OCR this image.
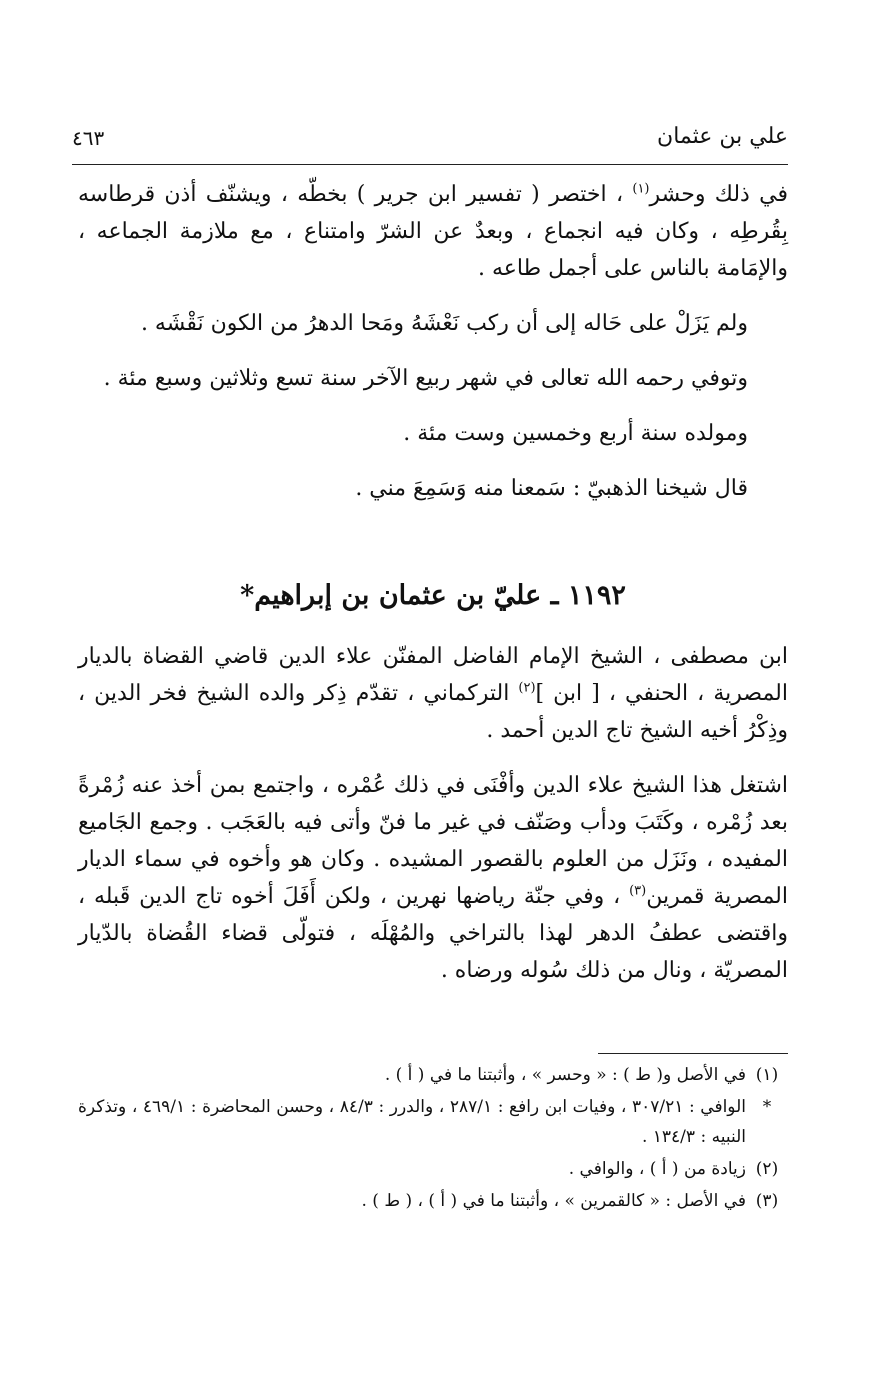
علي بن عثمان
٤٦٣

في ذلك وحشر$^{(١)}$ ، اختصر ( تفسير ابن جرير ) بخطّه ، ويشنّف أذن قرطاسه بِقُرطِه ، وكان فيه انجماع ، وبعدٌ عن الشرّ وامتناع ، مع ملازمة الجماعه ، والإمَامة بالناس على أجمل طاعه .

ولم يَزَلْ على حَاله إلى أن ركب نَعْشَهُ ومَحا الدهرُ من الكون نَقْشَه .

وتوفي رحمه الله تعالى في شهر ربيع الآخر سنة تسع وثلاثين وسبع مئة .

ومولده سنة أربع وخمسين وست مئة .

قال شيخنا الذهبيّ : سَمعنا منه وَسَمِعَ مني .

١١٩٢ ـ عليّ بن عثمان بن إبراهيم*

ابن مصطفى ، الشيخ الإمام الفاضل المفنّن علاء الدين قاضي القضاة بالديار المصرية ، الحنفي ، [ ابن ]$^{(٢)}$ التركماني ، تقدّم ذِكر والده الشيخ فخر الدين ، وذِكْرُ أخيه الشيخ تاج الدين أحمد .

اشتغل هذا الشيخ علاء الدين وأفْنَى في ذلك عُمْره ، واجتمع بمن أخذ عنه زُمْرةً بعد زُمْره ، وكَتَبَ ودأب وصَنّف في غير ما فنّ وأتى فيه بالعَجَب . وجمع الجَاميع المفيده ، ونَزَل من العلوم بالقصور المشيده . وكان هو وأخوه في سماء الديار المصرية قمرين$^{(٣)}$ ، وفي جنّة رياضها نهرين ، ولكن أَفَلَ أخوه تاج الدين قَبله ، واقتضى عطفُ الدهر لهذا بالتراخي والمُهْلَه ، فتولّى قضاء القُضاة بالدّيار المصريّة ، ونال من ذلك سُوله ورضاه .

(١)
في الأصل و( ط ) : « وحسر » ، وأثبتنا ما في ( أ ) .
*
الوافي : ٣٠٧/٢١ ، وفيات ابن رافع : ٢٨٧/١ ، والدرر : ٨٤/٣ ، وحسن المحاضرة : ٤٦٩/١ ، وتذكرة النبيه : ١٣٤/٣ .
(٢)
زيادة من ( أ ) ، والوافي .
(٣)
في الأصل : « كالقمرين » ، وأثبتنا ما في ( أ ) ، ( ط ) .
